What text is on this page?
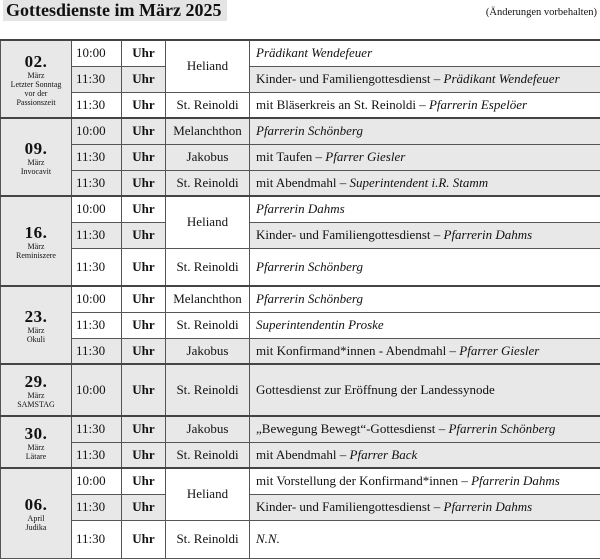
Gottesdienste im März 2025	(Änderungen vorbehalten)
02.
März
Letzter Sonntag
vor der
Passionszeit	10:00	Uhr	Heliand	Prädikant Wendefeuer
	11:30	Uhr		Kinder- und Familiengottesdienst – Prädikant Wendefeuer
	11:30	Uhr	St. Reinoldi	mit Bläserkreis an St. Reinoldi – Pfarrerin Espelöer

09.
März
Invocavit	10:00	Uhr	Melanchthon	Pfarrerin Schönberg
	11:30	Uhr	Jakobus	mit Taufen – Pfarrer Giesler
	11:30	Uhr	St. Reinoldi	mit Abendmahl – Superintendent i.R. Stamm

16.
März
Reminiszere	10:00	Uhr	Heliand	Pfarrerin Dahms
	11:30	Uhr		Kinder- und Familiengottesdienst – Pfarrerin Dahms
	11:30	Uhr	St. Reinoldi	Pfarrerin Schönberg

23.
März
Okuli	10:00	Uhr	Melanchthon	Pfarrerin Schönberg
	11:30	Uhr	St. Reinoldi	Superintendentin Proske
	11:30	Uhr	Jakobus	mit Konfirmand*innen - Abendmahl – Pfarrer Giesler

29.
März
SAMSTAG	10:00	Uhr	St. Reinoldi	Gottesdienst zur Eröffnung der Landessynode

30.
März
Lätare	11:30	Uhr	Jakobus	„Bewegung Bewegt“-Gottesdienst – Pfarrerin Schönberg
	11:30	Uhr	St. Reinoldi	mit Abendmahl – Pfarrer Back

06.
April
Judika	10:00	Uhr	Heliand	mit Vorstellung der Konfirmand*innen – Pfarrerin Dahms
	11:30	Uhr		Kinder- und Familiengottesdienst – Pfarrerin Dahms
	11:30	Uhr	St. Reinoldi	N.N.
